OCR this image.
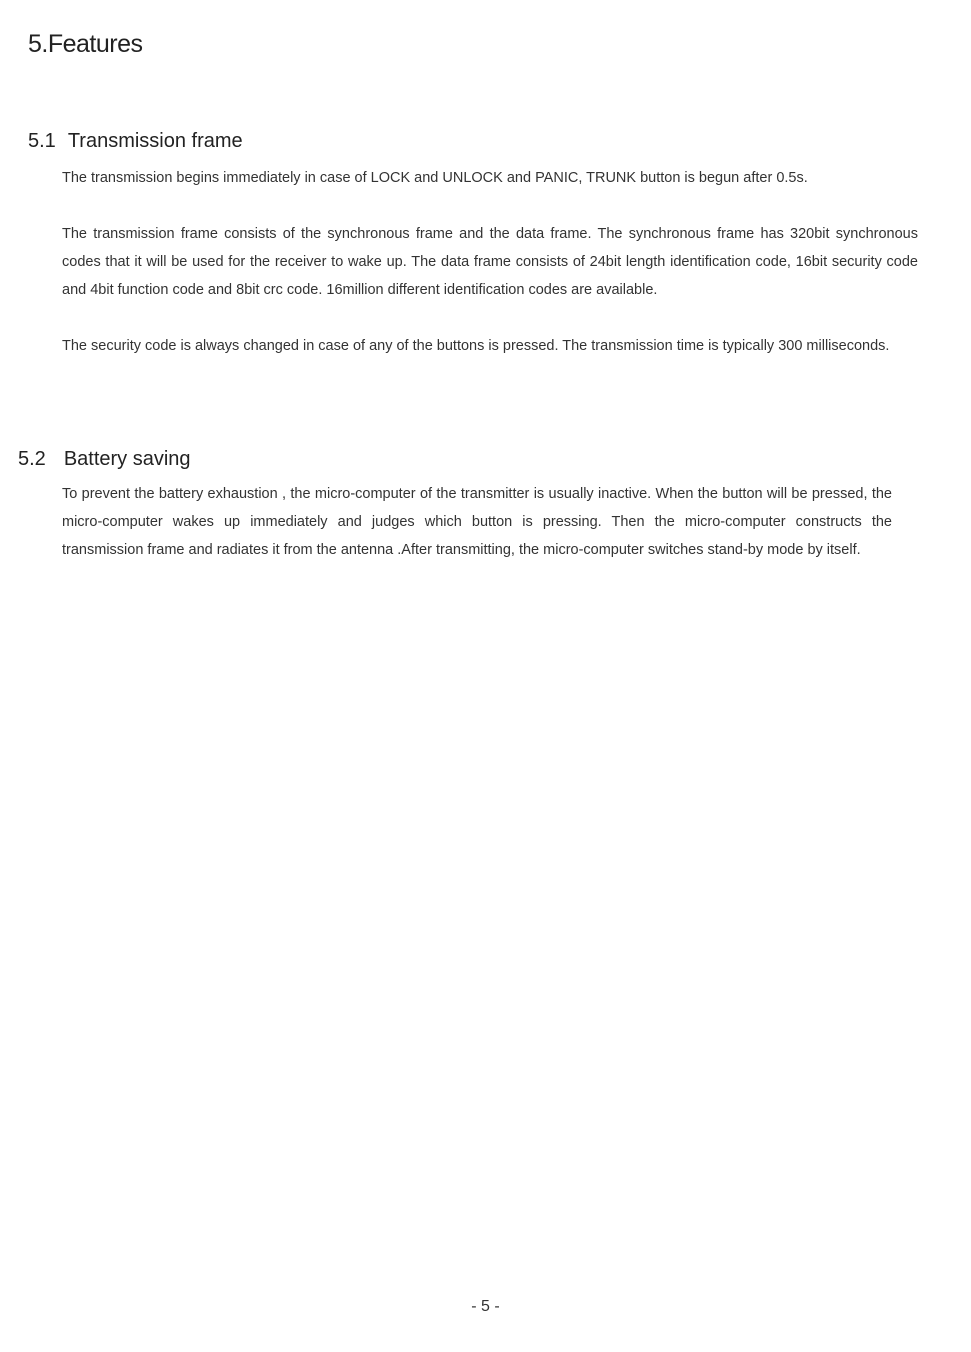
5.Features
5.1 Transmission frame

The transmission begins immediately in case of LOCK and UNLOCK and PANIC, TRUNK button is begun after 0.5s.

The transmission frame consists of the synchronous frame and the data frame. The synchronous frame has 320bit synchronous codes that it will be used for the receiver to wake up. The data frame consists of 24bit length identification code, 16bit security code and 4bit function code and 8bit crc code. 16million different identification codes are available.

The security code is always changed in case of any of the buttons is pressed. The transmission time is typically 300 milliseconds.

5.2 Battery saving

To prevent the battery exhaustion , the micro-computer of the transmitter is usually inactive. When the button will be pressed, the micro-computer wakes up immediately and judges which button is pressing. Then the micro-computer constructs the transmission frame and radiates it from the antenna .After transmitting, the micro-computer switches stand-by mode by itself.

- 5 -
